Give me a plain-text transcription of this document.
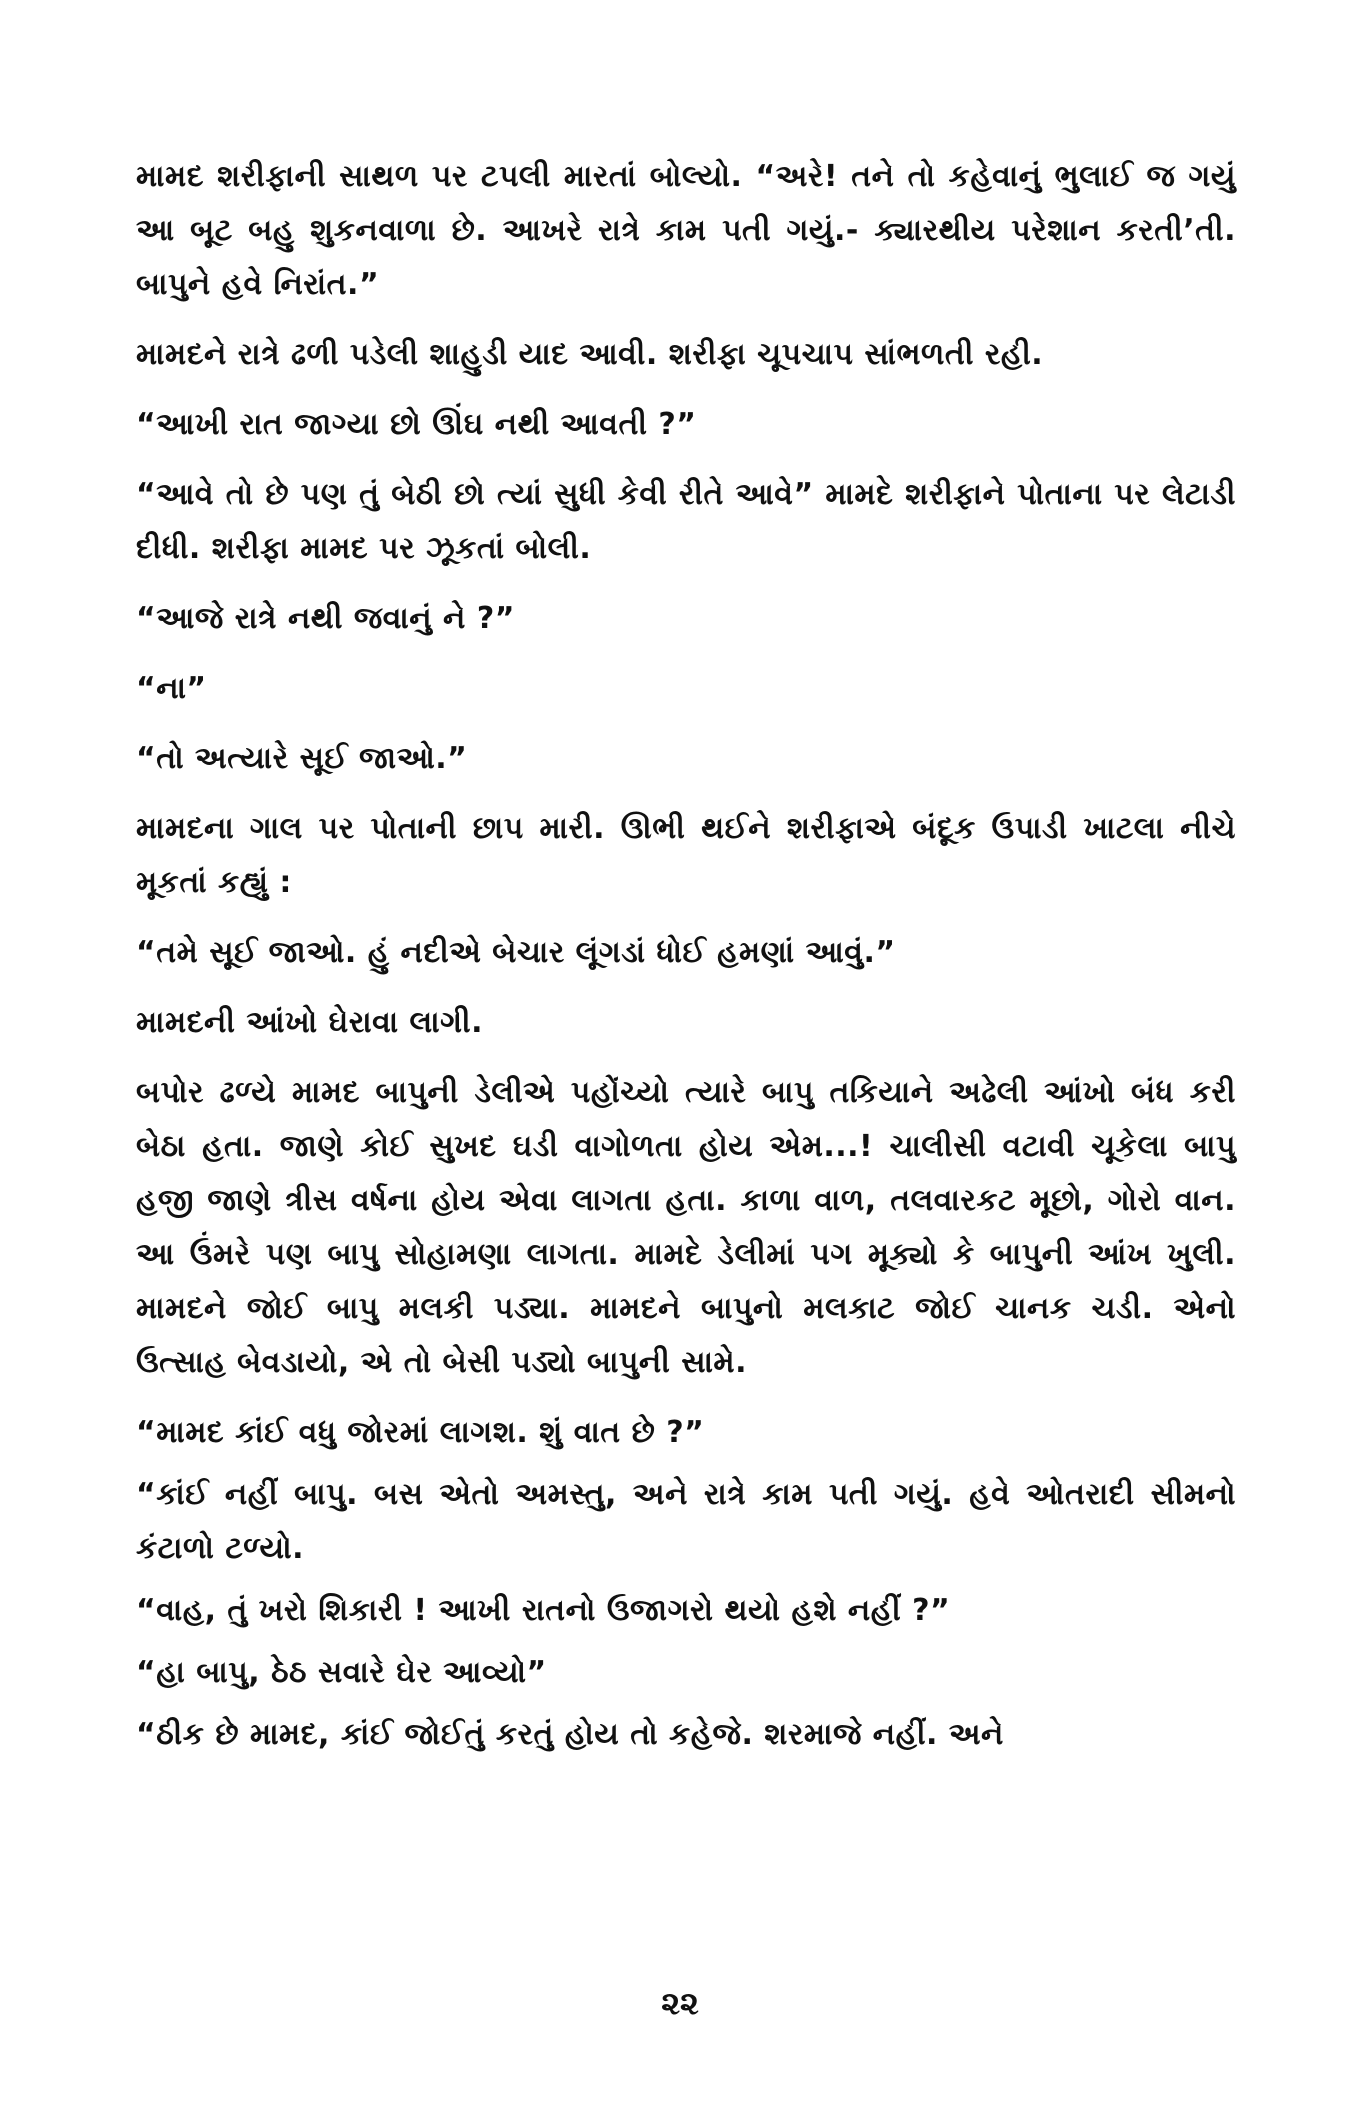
મામદ શરીફાની સાથળ પર ટપલી મારતાં બોલ્યો. “અરે! તને તો કહેવાનું ભુલાઈ જ ગયું આ બૂટ બહુ શુકનવાળા છે. આખરે રાત્રે કામ પતી ગયું.- ક્યારથીય પરેશાન કરતી’તી. બાપુને હવે નિરાંત.”

મામદને રાત્રે ઢળી પડેલી શાહુડી યાદ આવી. શરીફા ચૂપચાપ સાંભળતી રહી.

“આખી રાત જાગ્યા છો ઊંઘ નથી આવતી ?”

“આવે તો છે પણ તું બેઠી છો ત્યાં સુધી કેવી રીતે આવે” મામદે શરીફાને પોતાના પર લેટાડી દીધી. શરીફા મામદ પર ઝૂકતાં બોલી.

“આજે રાત્રે નથી જવાનું ને ?”

“ના”

“તો અત્યારે સૂઈ જાઓ.”

મામદના ગાલ પર પોતાની છાપ મારી. ઊભી થઈને શરીફાએ બંદૂક ઉપાડી ખાટલા નીચે મૂકતાં કહ્યું :

“તમે સૂઈ જાઓ. હું નદીએ બેચાર લૂંગડાં ધોઈ હમણાં આવું.”

મામદની આંખો ઘેરાવા લાગી.

બપોર ઢળ્યે મામદ બાપુની ડેલીએ પહોંચ્યો ત્યારે બાપુ તકિયાને અઢેલી આંખો બંધ કરી બેઠા હતા. જાણે કોઈ સુખદ ઘડી વાગોળતા હોય એમ...! ચાલીસી વટાવી ચૂકેલા બાપુ હજી જાણે ત્રીસ વર્ષના હોય એવા લાગતા હતા. કાળા વાળ, તલવારકટ મૂછો, ગોરો વાન. આ ઉંમરે પણ બાપુ સોહામણા લાગતા. મામદે ડેલીમાં પગ મૂક્યો કે બાપુની આંખ ખુલી. મામદને જોઈ બાપુ મલકી પડ્યા. મામદને બાપુનો મલકાટ જોઈ ચાનક ચડી. એનો ઉત્સાહ બેવડાયો, એ તો બેસી પડ્યો બાપુની સામે.

“મામદ કાંઈ વધુ જોરમાં લાગશ. શું વાત છે ?”

“કાંઈ નહીં બાપુ. બસ એતો અમસ્તુ, અને રાત્રે કામ પતી ગયું. હવે ઓતરાદી સીમનો કંટાળો ટળ્યો.

“વાહ, તું ખરો શિકારી ! આખી રાતનો ઉજાગરો થયો હશે નહીં ?”

“હા બાપુ, ઠેઠ સવારે ઘેર આવ્યો”

“ઠીક છે મામદ, કાંઈ જોઈતું કરતું હોય તો કહેજે. શરમાજે નહીં. અને

૨૨
